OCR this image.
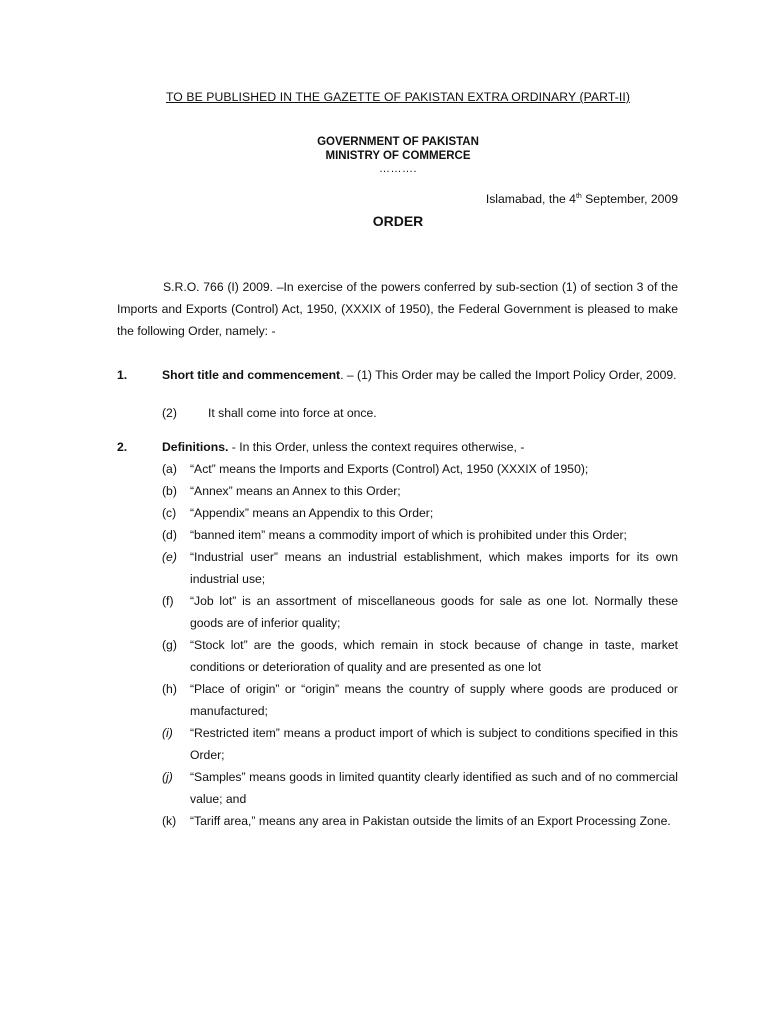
TO BE PUBLISHED IN THE GAZETTE OF PAKISTAN EXTRA ORDINARY (PART-II)
GOVERNMENT OF PAKISTAN
MINISTRY OF COMMERCE
……….
Islamabad, the 4th September, 2009
ORDER
S.R.O. 766 (I) 2009. –In exercise of the powers conferred by sub-section (1) of section 3 of the Imports and Exports (Control) Act, 1950, (XXXIX of 1950), the Federal Government is pleased to make the following Order, namely: -
1.	Short title and commencement. – (1) This Order may be called the Import Policy Order, 2009.
(2)	It shall come into force at once.
2.	Definitions. - In this Order, unless the context requires otherwise, -
(a)	“Act” means the Imports and Exports (Control) Act, 1950 (XXXIX of 1950);
(b)	“Annex” means an Annex to this Order;
(c)	“Appendix” means an Appendix to this Order;
(d)	“banned item” means a commodity import of which is prohibited under this Order;
(e)	“Industrial user” means an industrial establishment, which makes imports for its own industrial use;
(f)	“Job lot” is an assortment of miscellaneous goods for sale as one lot. Normally these goods are of inferior quality;
(g)	“Stock lot” are the goods, which remain in stock because of change in taste, market conditions or deterioration of quality and are presented as one lot
(h)	“Place of origin” or “origin” means the country of supply where goods are produced or manufactured;
(i)	“Restricted item” means a product import of which is subject to conditions specified in this Order;
(j)	“Samples” means goods in limited quantity clearly identified as such and of no commercial value; and
(k)	“Tariff area,” means any area in Pakistan outside the limits of an Export Processing Zone.
